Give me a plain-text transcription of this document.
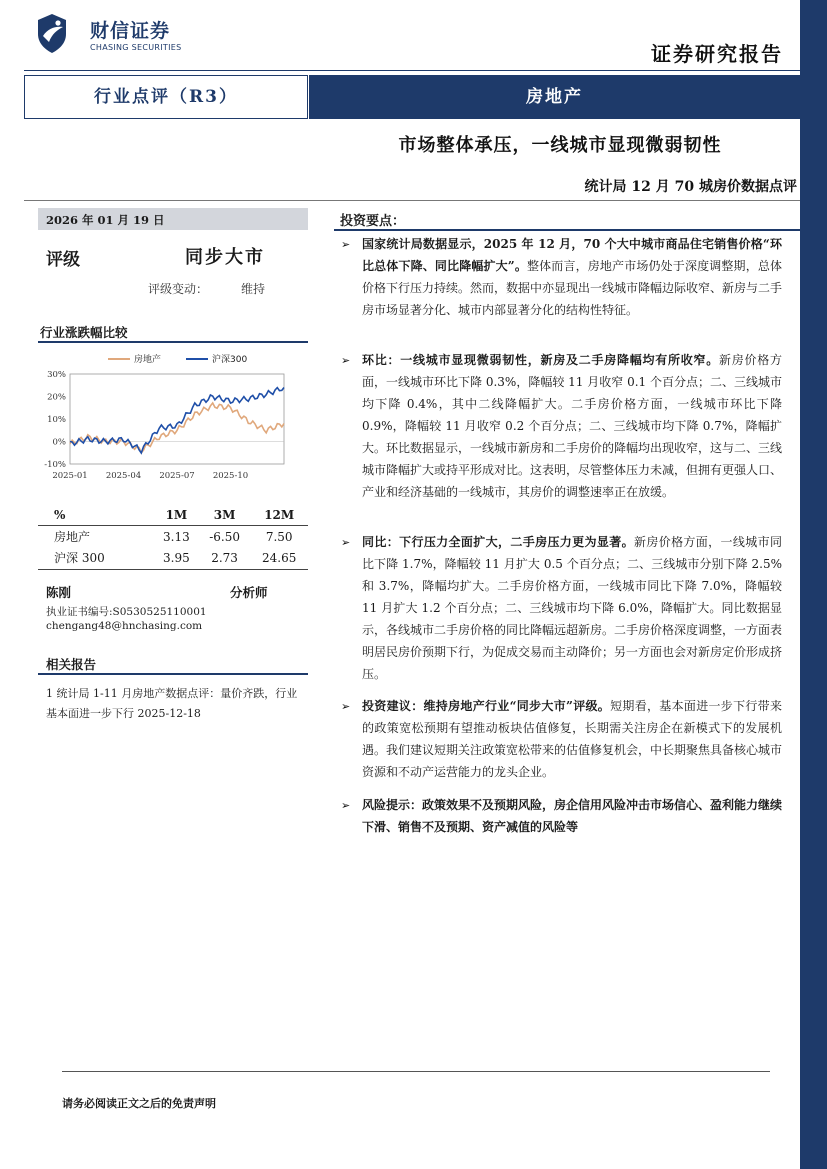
财信证券
CHASING SECURITIES	证券研究报告
行业点评（R3）	房地产
市场整体承压，一线城市显现微弱韧性
统计局 12 月 70 城房价数据点评
2026 年 01 月 19 日
评级	同步大市
评级变动：	维持
行业涨跌幅比较
30%
20%
10%
0%
-10%
2025-01 2025-04 2025-07 2025-10
房地产	沪深300
%	1M	3M	12M
房地产	3.13	-6.50	7.50
沪深 300	3.95	2.73	24.65
陈刚	分析师
执业证书编号:S0530525110001
chengang48@hnchasing.com
相关报告
1 统计局 1-11 月房地产数据点评：量价齐跌，行业基本面进一步下行 2025-12-18
投资要点：
➢ 国家统计局数据显示，2025 年 12 月，70 个大中城市商品住宅销售价格“环比总体下降、同比降幅扩大”。整体而言，房地产市场仍处于深度调整期，总体价格下行压力持续。然而，数据中亦显现出一线城市降幅边际收窄、新房与二手房市场显著分化、城市内部显著分化的结构性特征。
➢ 环比：一线城市显现微弱韧性，新房及二手房降幅均有所收窄。新房价格方面，一线城市环比下降 0.3%，降幅较 11 月收窄 0.1 个百分点；二、三线城市均下降 0.4%，其中二线降幅扩大。二手房价格方面，一线城市环比下降 0.9%，降幅较 11 月收窄 0.2 个百分点；二、三线城市均下降 0.7%，降幅扩大。环比数据显示，一线城市新房和二手房价的降幅均出现收窄，这与二、三线城市降幅扩大或持平形成对比。这表明，尽管整体压力未减，但拥有更强人口、产业和经济基础的一线城市，其房价的调整速率正在放缓。
➢ 同比：下行压力全面扩大，二手房压力更为显著。新房价格方面，一线城市同比下降 1.7%，降幅较 11 月扩大 0.5 个百分点；二、三线城市分别下降 2.5%和 3.7%，降幅均扩大。二手房价格方面，一线城市同比下降 7.0%，降幅较 11 月扩大 1.2 个百分点；二、三线城市均下降 6.0%，降幅扩大。同比数据显示，各线城市二手房价格的同比降幅远超新房。二手房价格深度调整，一方面表明居民房价预期下行，为促成交易而主动降价；另一方面也会对新房定价形成挤压。
➢ 投资建议：维持房地产行业“同步大市”评级。短期看，基本面进一步下行带来的政策宽松预期有望推动板块估值修复，长期需关注房企在新模式下的发展机遇。我们建议短期关注政策宽松带来的估值修复机会，中长期聚焦具备核心城市资源和不动产运营能力的龙头企业。
➢ 风险提示：政策效果不及预期风险，房企信用风险冲击市场信心、盈利能力继续下滑、销售不及预期、资产减值的风险等
请务必阅读正文之后的免责声明
